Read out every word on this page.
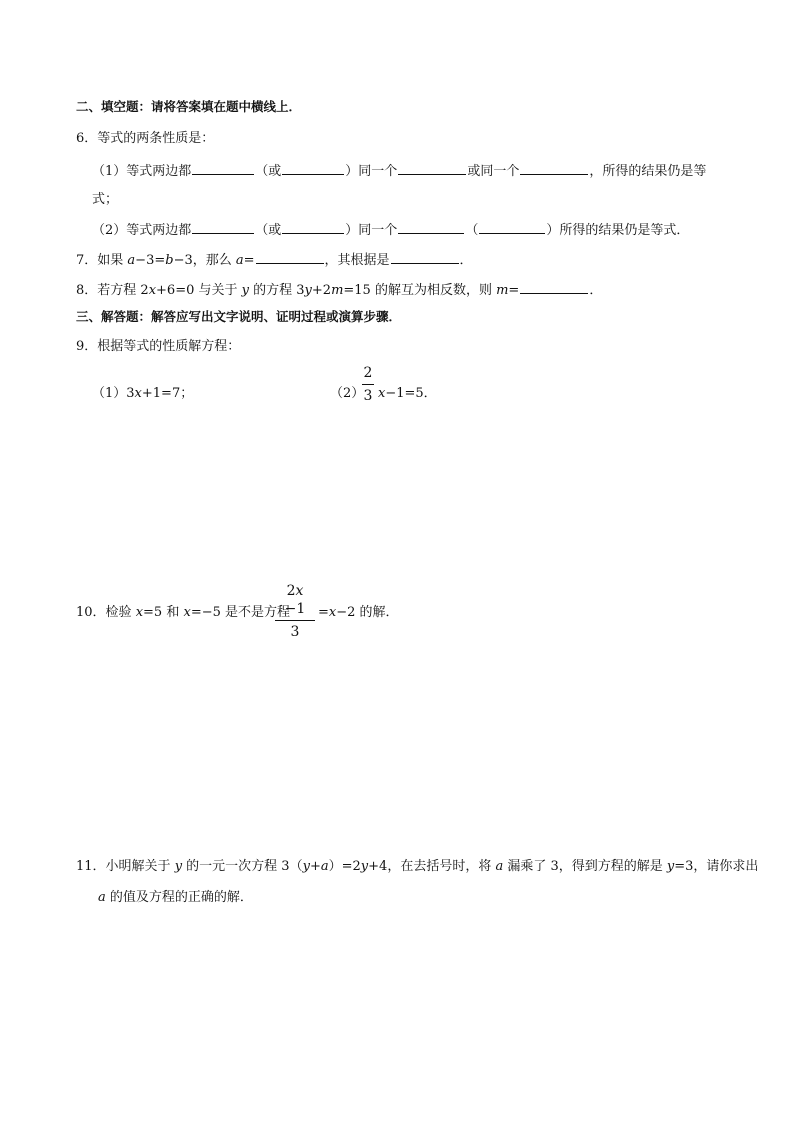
二、填空题：请将答案填在题中横线上．
6．等式的两条性质是：
（1）等式两边都	（或	）同一个	或同一个	，所得的结果仍是等
式；
（2）等式两边都	（或	）同一个	（	）所得的结果仍是等式．
7．如果 a−3=b−3，那么 a=	，其根据是	．
8．若方程 2x+6=0 与关于 y 的方程 3y+2m=15 的解互为相反数，则 m=	．
三、解答题：解答应写出文字说明、证明过程或演算步骤．
9．根据等式的性质解方程：
（1）3x+1=7；	（2）
2
3 x−1=5．
10．检验 x=5 和 x=−5 是不是方程
2x −1
3
=x−2 的解．
11．小明解关于 y 的一元一次方程 3（y+a）=2y+4，在去括号时，将 a 漏乘了 3，得到方程的解是 y=3，请你求出
a 的值及方程的正确的解．
